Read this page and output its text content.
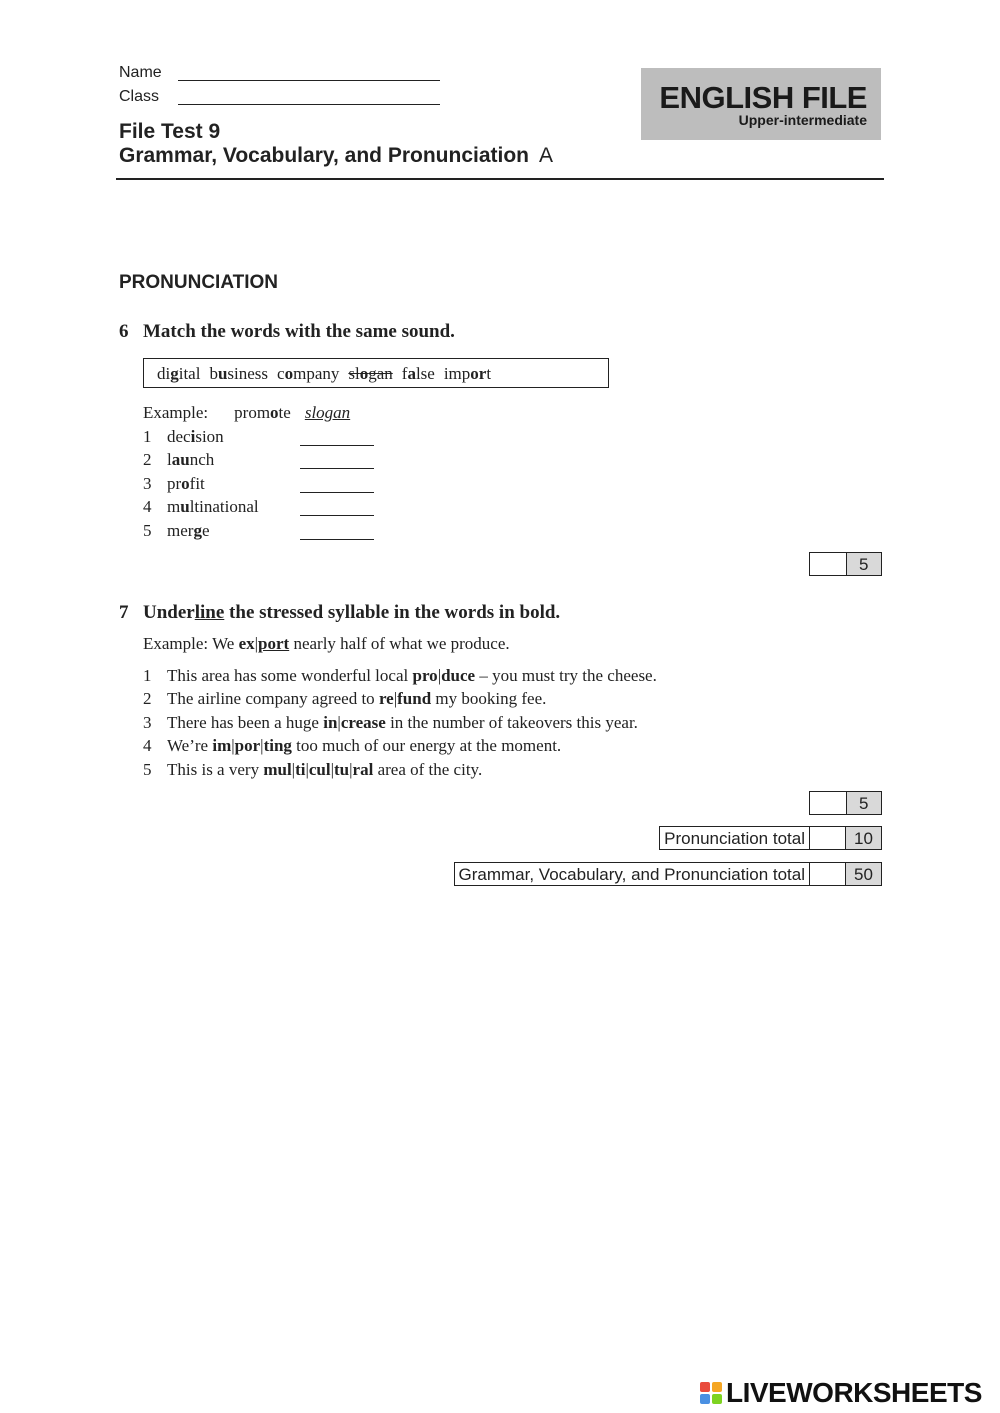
Name
Class
File Test 9
Grammar, Vocabulary, and Pronunciation A
ENGLISH FILE
Upper-intermediate
PRONUNCIATION
6 Match the words with the same sound.
digital business company slogan false import
Example: promote slogan
1 decision
2 launch
3 profit
4 multinational
5 merge
5
7 Underline the stressed syllable in the words in bold.
Example: We ex|port nearly half of what we produce.
1 This area has some wonderful local pro|duce – you must try the cheese.
2 The airline company agreed to re|fund my booking fee.
3 There has been a huge in|crease in the number of takeovers this year.
4 We’re im|por|ting too much of our energy at the moment.
5 This is a very mul|ti|cul|tu|ral area of the city.
5
Pronunciation total	10
Grammar, Vocabulary, and Pronunciation total	50
LIVEWORKSHEETS
